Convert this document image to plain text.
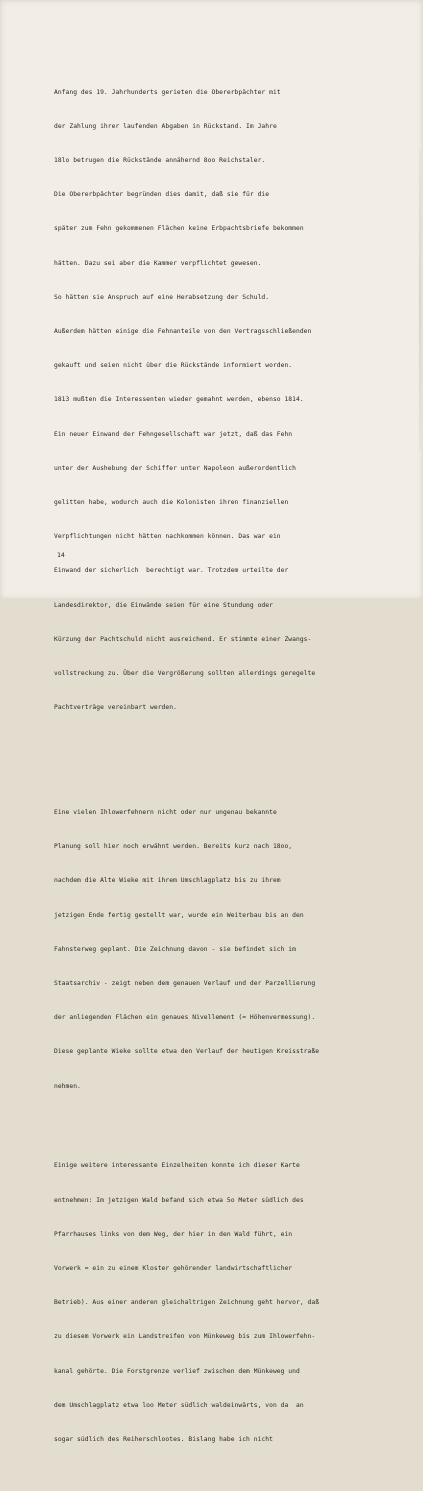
Anfang des 19. Jahrhunderts gerieten die Obererbpächter mit

der Zahlung ihrer laufenden Abgaben in Rückstand. Im Jahre

18lo betrugen die Rückstände annähernd 8oo Reichstaler.

Die Obererbpächter begründen dies damit, daß sie für die

später zum Fehn gekommenen Flächen keine Erbpachtsbriefe bekommen

hätten. Dazu sei aber die Kammer verpflichtet gewesen.

So hätten sie Anspruch auf eine Herabsetzung der Schuld.

Außerdem hätten einige die Fehnanteile von den Vertragsschließenden

gekauft und seien nicht über die Rückstände informiert worden.

1813 mußten die Interessenten wieder gemahnt werden, ebenso 1814.

Ein neuer Einwand der Fehngesellschaft war jetzt, daß das Fehn

unter der Aushebung der Schiffer unter Napoleon außerordentlich

gelitten habe, wodurch auch die Kolonisten ihren finanziellen

Verpflichtungen nicht hätten nachkommen können. Das war ein

Einwand der sicherlich  berechtigt war. Trotzdem urteilte der

Landesdirektor, die Einwände seien für eine Stundung oder

Kürzung der Pachtschuld nicht ausreichend. Er stimmte einer Zwangs-

vollstreckung zu. Über die Vergrößerung sollten allerdings geregelte

Pachtverträge vereinbart werden.

Eine vielen Ihlowerfehnern nicht oder nur ungenau bekannte

Planung soll hier noch erwähnt werden. Bereits kurz nach 18oo,

nachdem die Alte Wieke mit ihrem Umschlagplatz bis zu ihrem

jetzigen Ende fertig gestellt war, wurde ein Weiterbau bis an den

Fahnsterweg geplant. Die Zeichnung davon - sie befindet sich im

Staatsarchiv - zeigt neben dem genauen Verlauf und der Parzellierung

der anliegenden Flächen ein genaues Nivellement (= Höhenvermessung).

Diese geplante Wieke sollte etwa den Verlauf der heutigen Kreisstraße

nehmen.

Einige weitere interessante Einzelheiten konnte ich dieser Karte

entnehmen: Im jetzigen Wald befand sich etwa 5o Meter südlich des

Pfarrhauses links von dem Weg, der hier in den Wald führt, ein

Vorwerk = ein zu einem Kloster gehörender landwirtschaftlicher

Betrieb). Aus einer anderen gleichaltrigen Zeichnung geht hervor, daß

zu diesem Vorwerk ein Landstreifen von Münkeweg bis zum Ihlowerfehn-

kanal gehörte. Die Forstgrenze verlief zwischen dem Münkeweg und

dem Umschlagplatz etwa loo Meter südlich waldeinwärts, von da  an

sogar südlich des Reiherschlootes. Bislang habe ich nicht

14
